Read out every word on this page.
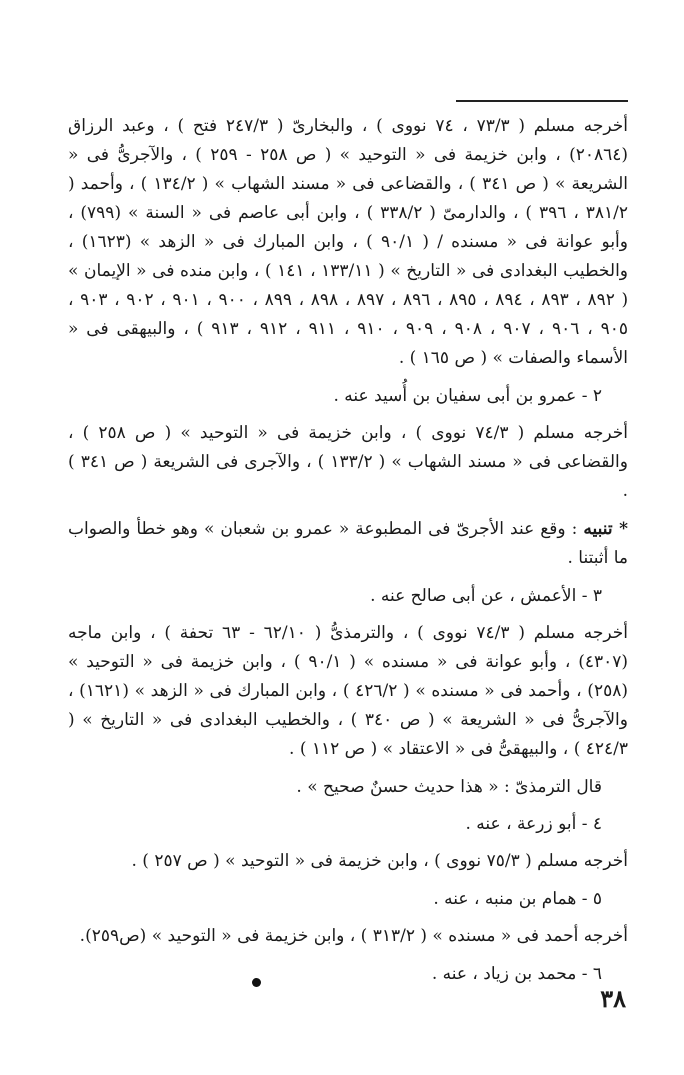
أخرجه مسلم ( ٧٣/٣ ، ٧٤ نووى ) ، والبخارىّ ( ٢٤٧/٣ فتح ) ، وعبد الرزاق (٢٠٨٦٤) ، وابن خزيمة فى « التوحيد » ( ص ٢٥٨ - ٢٥٩ ) ، والآجرىُّ فى « الشريعة » ( ص ٣٤١ ) ، والقضاعى فى « مسند الشهاب » ( ١٣٤/٢ ) ، وأحمد ( ٣٨١/٢ ، ٣٩٦ ) ، والدارمىّ ( ٣٣٨/٢ ) ، وابن أبى عاصم فى « السنة » (٧٩٩) ، وأبو عوانة فى « مسنده / ( ٩٠/١ ) ، وابن المبارك فى « الزهد » (١٦٢٣) ، والخطيب البغدادى فى « التاريخ » ( ١٣٣/١١ ، ١٤١ ) ، وابن منده فى « الإيمان » ( ٨٩٢ ، ٨٩٣ ، ٨٩٤ ، ٨٩٥ ، ٨٩٦ ، ٨٩٧ ، ٨٩٨ ، ٨٩٩ ، ٩٠٠ ، ٩٠١ ، ٩٠٢ ، ٩٠٣ ، ٩٠٥ ، ٩٠٦ ، ٩٠٧ ، ٩٠٨ ، ٩٠٩ ، ٩١٠ ، ٩١١ ، ٩١٢ ، ٩١٣ ) ، والبيهقى فى « الأسماء والصفات » ( ص ١٦٥ ) .

٢ - عمرو بن أبى سفيان بن أُسيد عنه .

أخرجه مسلم ( ٧٤/٣ نووى ) ، وابن خزيمة فى « التوحيد » ( ص ٢٥٨ ) ، والقضاعى فى « مسند الشهاب » ( ١٣٣/٢ ) ، والآجرى فى الشريعة ( ص ٣٤١ ) .

* تنبيه : وقع عند الأجرىّ فى المطبوعة « عمرو بن شعبان » وهو خطأ والصواب ما أثبتنا .

٣ - الأعمش ، عن أبى صالح عنه .

أخرجه مسلم ( ٧٤/٣ نووى ) ، والترمذىُّ ( ٦٢/١٠ - ٦٣ تحفة ) ، وابن ماجه (٤٣٠٧) ، وأبو عوانة فى « مسنده » ( ٩٠/١ ) ، وابن خزيمة فى « التوحيد » (٢٥٨) ، وأحمد فى « مسنده » ( ٤٢٦/٢ ) ، وابن المبارك فى « الزهد » (١٦٢١) ، والآجرىُّ فى « الشريعة » ( ص ٣٤٠ ) ، والخطيب البغدادى فى « التاريخ » ( ٤٢٤/٣ ) ، والبيهقىُّ فى « الاعتقاد » ( ص ١١٢ ) .

قال الترمذىّ : « هذا حديث حسنٌ صحيح » .

٤ - أبو زرعة ، عنه .

أخرجه مسلم ( ٧٥/٣ نووى ) ، وابن خزيمة فى « التوحيد » ( ص ٢٥٧ ) .

٥ - همام بن منبه ، عنه .

أخرجه أحمد فى « مسنده » ( ٣١٣/٢ ) ، وابن خزيمة فى « التوحيد » (ص٢٥٩).

٦ - محمد بن زياد ، عنه .

٣٨
